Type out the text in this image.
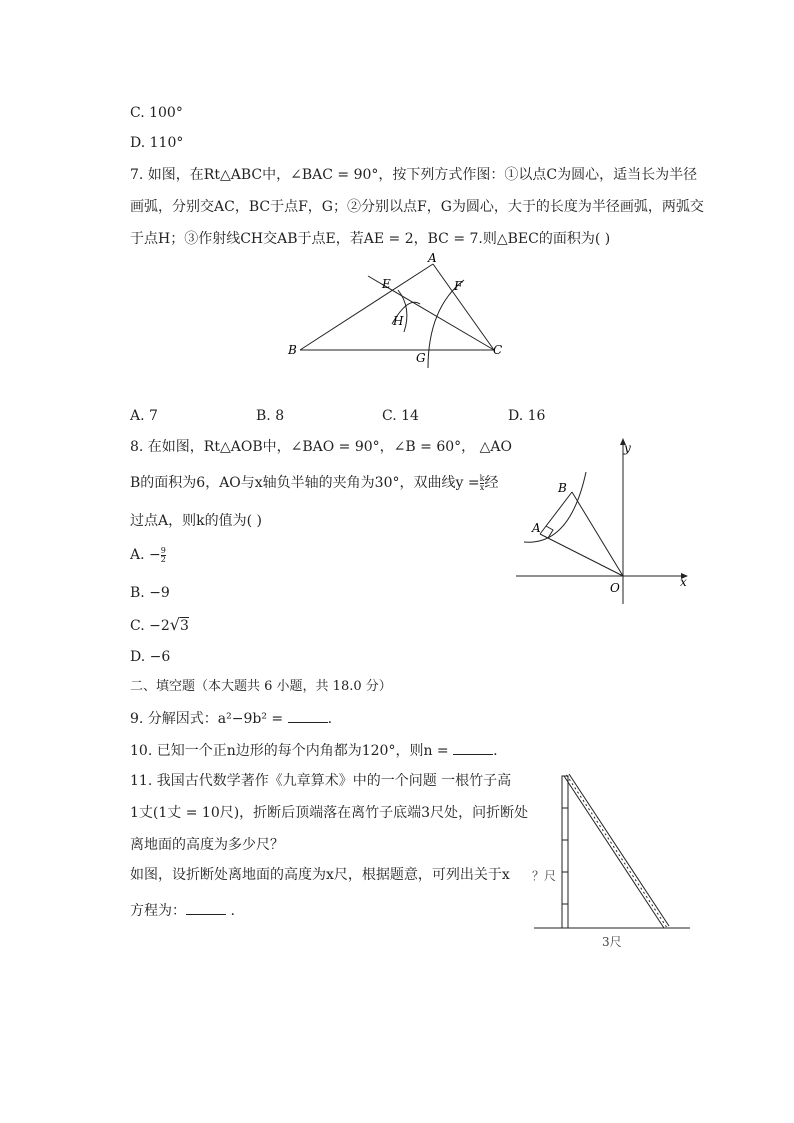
C. 100°
D. 110°
7. 如图，在Rt△ABC中，∠BAC = 90°，按下列方式作图：①以点C为圆心，适当长为半径
画弧，分别交AC，BC于点F，G；②分别以点F，G为圆心，大于的长度为半径画弧，两弧交
于点H；③作射线CH交AB于点E，若AE = 2，BC = 7.则△BEC的面积为( )
A
B	C
E	F
G
H
A. 7	B. 8	C. 14	D. 16
8. 在如图，Rt△AOB中，∠BAO = 90°，∠B = 60°， △AO
B的面积为6，AO与x轴负半轴的夹角为30°，双曲线$y = \frac{k}{x}$ 经
过点A，则k的值为( )
A. − $\frac{9}{2}$
B. −9
C. −2√3
D. −6
y
x
B
A
O
二、填空题（本大题共 6 小题，共 18.0 分）
9. 分解因式：a²−9b² =	.
10. 已知一个正n边形的每个内角都为120°，则n =	.
11. 我国古代数学著作《九章算术》中的一个问题 一根竹子高
1丈(1丈 = 10尺)，折断后顶端落在离竹子底端3尺处，问折断处
离地面的高度为多少尺？
如图，设折断处离地面的高度为x尺，根据题意，可列出关于x
方程为：	.
？尺
3尺
